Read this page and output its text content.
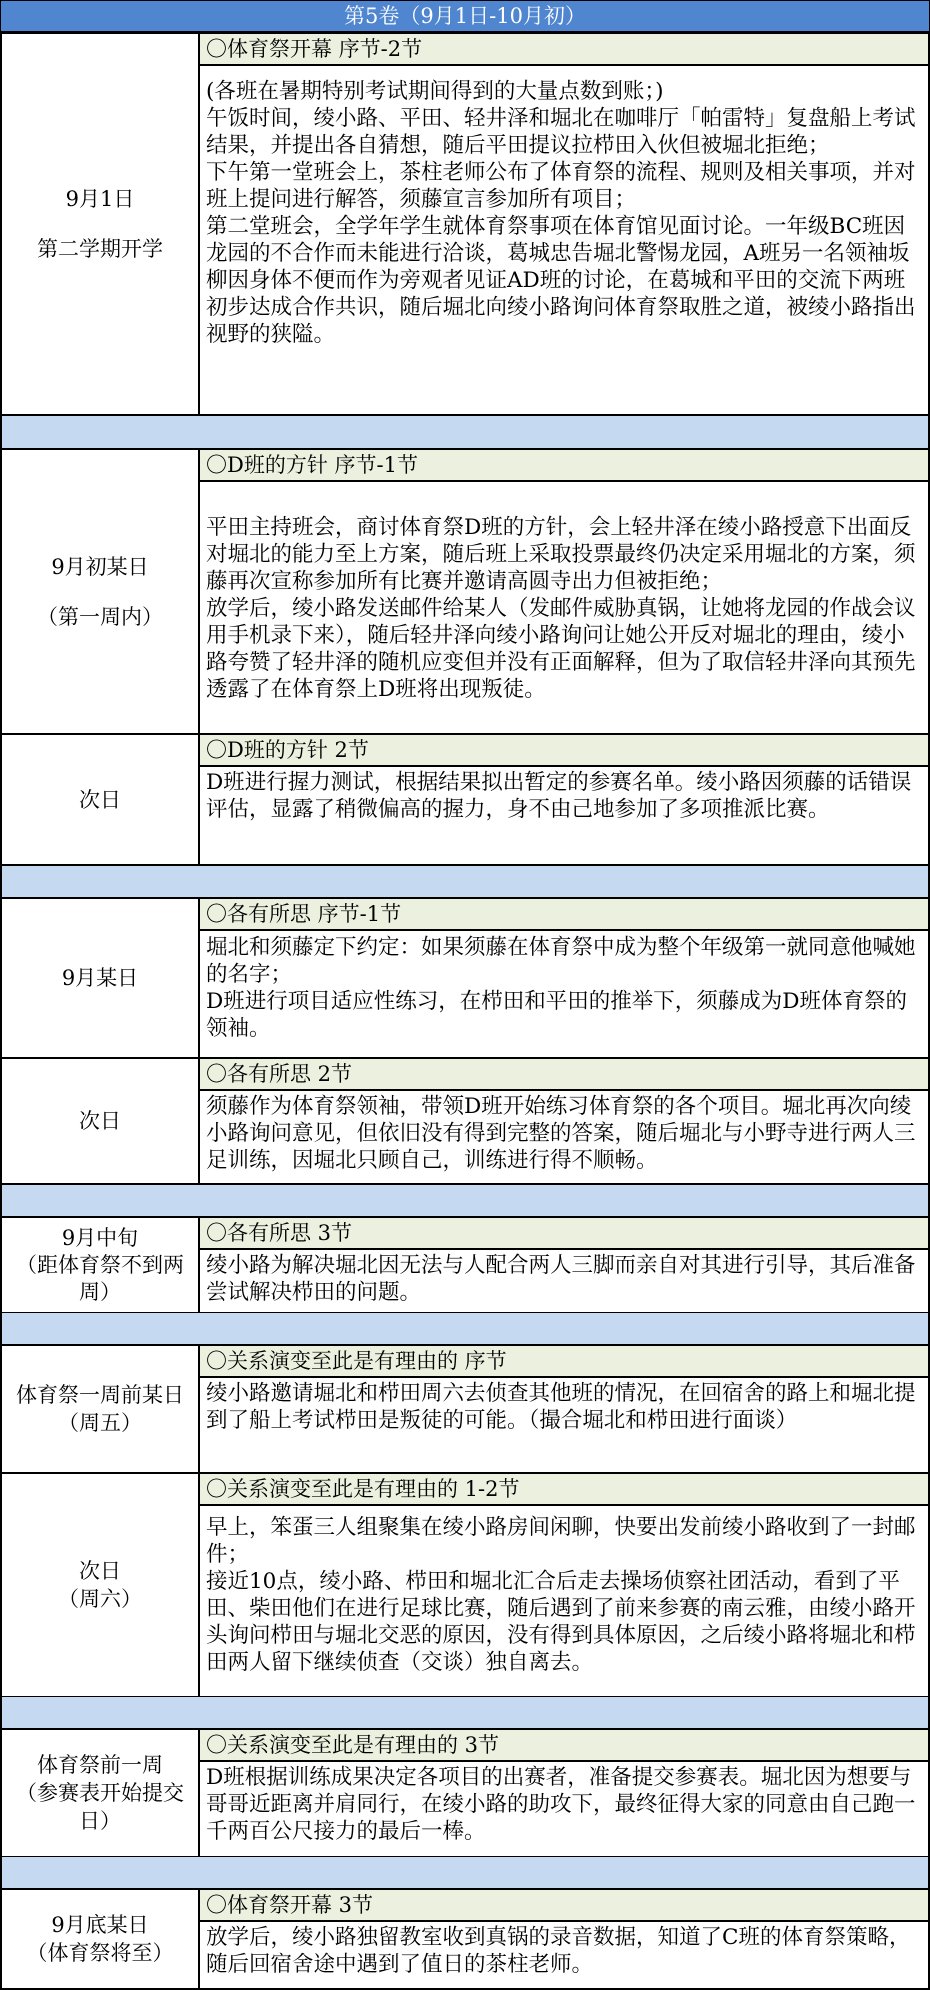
第5卷（9月1日-10月初）
9月1日
第二学期开学
〇体育祭开幕 序节-2节

(各班在暑期特别考试期间得到的大量点数到账；)

午饭时间，绫小路、平田、轻井泽和堀北在咖啡厅「帕雷特」复盘船上考试结果，并提出各自猜想，随后平田提议拉栉田入伙但被堀北拒绝；

下午第一堂班会上，茶柱老师公布了体育祭的流程、规则及相关事项，并对班上提问进行解答，须藤宣言参加所有项目；

第二堂班会，全学年学生就体育祭事项在体育馆见面讨论。一年级BC班因龙园的不合作而未能进行洽谈，葛城忠告堀北警惕龙园，A班另一名领袖坂柳因身体不便而作为旁观者见证AD班的讨论，在葛城和平田的交流下两班初步达成合作共识，随后堀北向绫小路询问体育祭取胜之道，被绫小路指出视野的狭隘。

9月初某日
（第一周内）
〇D班的方针 序节-1节

平田主持班会，商讨体育祭D班的方针，会上轻井泽在绫小路授意下出面反对堀北的能力至上方案，随后班上采取投票最终仍决定采用堀北的方案，须藤再次宣称参加所有比赛并邀请高圆寺出力但被拒绝；

放学后，绫小路发送邮件给某人（发邮件威胁真锅，让她将龙园的作战会议用手机录下来），随后轻井泽向绫小路询问让她公开反对堀北的理由，绫小路夸赞了轻井泽的随机应变但并没有正面解释，但为了取信轻井泽向其预先透露了在体育祭上D班将出现叛徒。

次日
〇D班的方针 2节

D班进行握力测试，根据结果拟出暂定的参赛名单。绫小路因须藤的话错误评估，显露了稍微偏高的握力，身不由己地参加了多项推派比赛。

9月某日
〇各有所思 序节-1节

堀北和须藤定下约定：如果须藤在体育祭中成为整个年级第一就同意他喊她的名字；

D班进行项目适应性练习，在栉田和平田的推举下，须藤成为D班体育祭的领袖。

次日
〇各有所思 2节

须藤作为体育祭领袖，带领D班开始练习体育祭的各个项目。堀北再次向绫小路询问意见，但依旧没有得到完整的答案，随后堀北与小野寺进行两人三足训练，因堀北只顾自己，训练进行得不顺畅。

9月中旬
（距体育祭不到两周）
〇各有所思 3节

绫小路为解决堀北因无法与人配合两人三脚而亲自对其进行引导，其后准备尝试解决栉田的问题。

体育祭一周前某日
（周五）
〇关系演变至此是有理由的 序节

绫小路邀请堀北和栉田周六去侦查其他班的情况，在回宿舍的路上和堀北提到了船上考试栉田是叛徒的可能。（撮合堀北和栉田进行面谈）

次日
（周六）
〇关系演变至此是有理由的 1-2节

早上，笨蛋三人组聚集在绫小路房间闲聊，快要出发前绫小路收到了一封邮件；

接近10点，绫小路、栉田和堀北汇合后走去操场侦察社团活动，看到了平田、柴田他们在进行足球比赛，随后遇到了前来参赛的南云雅，由绫小路开头询问栉田与堀北交恶的原因，没有得到具体原因，之后绫小路将堀北和栉田两人留下继续侦查（交谈）独自离去。

体育祭前一周
（参赛表开始提交日）
〇关系演变至此是有理由的 3节

D班根据训练成果决定各项目的出赛者，准备提交参赛表。堀北因为想要与哥哥近距离并肩同行，在绫小路的助攻下，最终征得大家的同意由自己跑一千两百公尺接力的最后一棒。

9月底某日
（体育祭将至）
〇体育祭开幕 3节

放学后，绫小路独留教室收到真锅的录音数据，知道了C班的体育祭策略，随后回宿舍途中遇到了值日的茶柱老师。
